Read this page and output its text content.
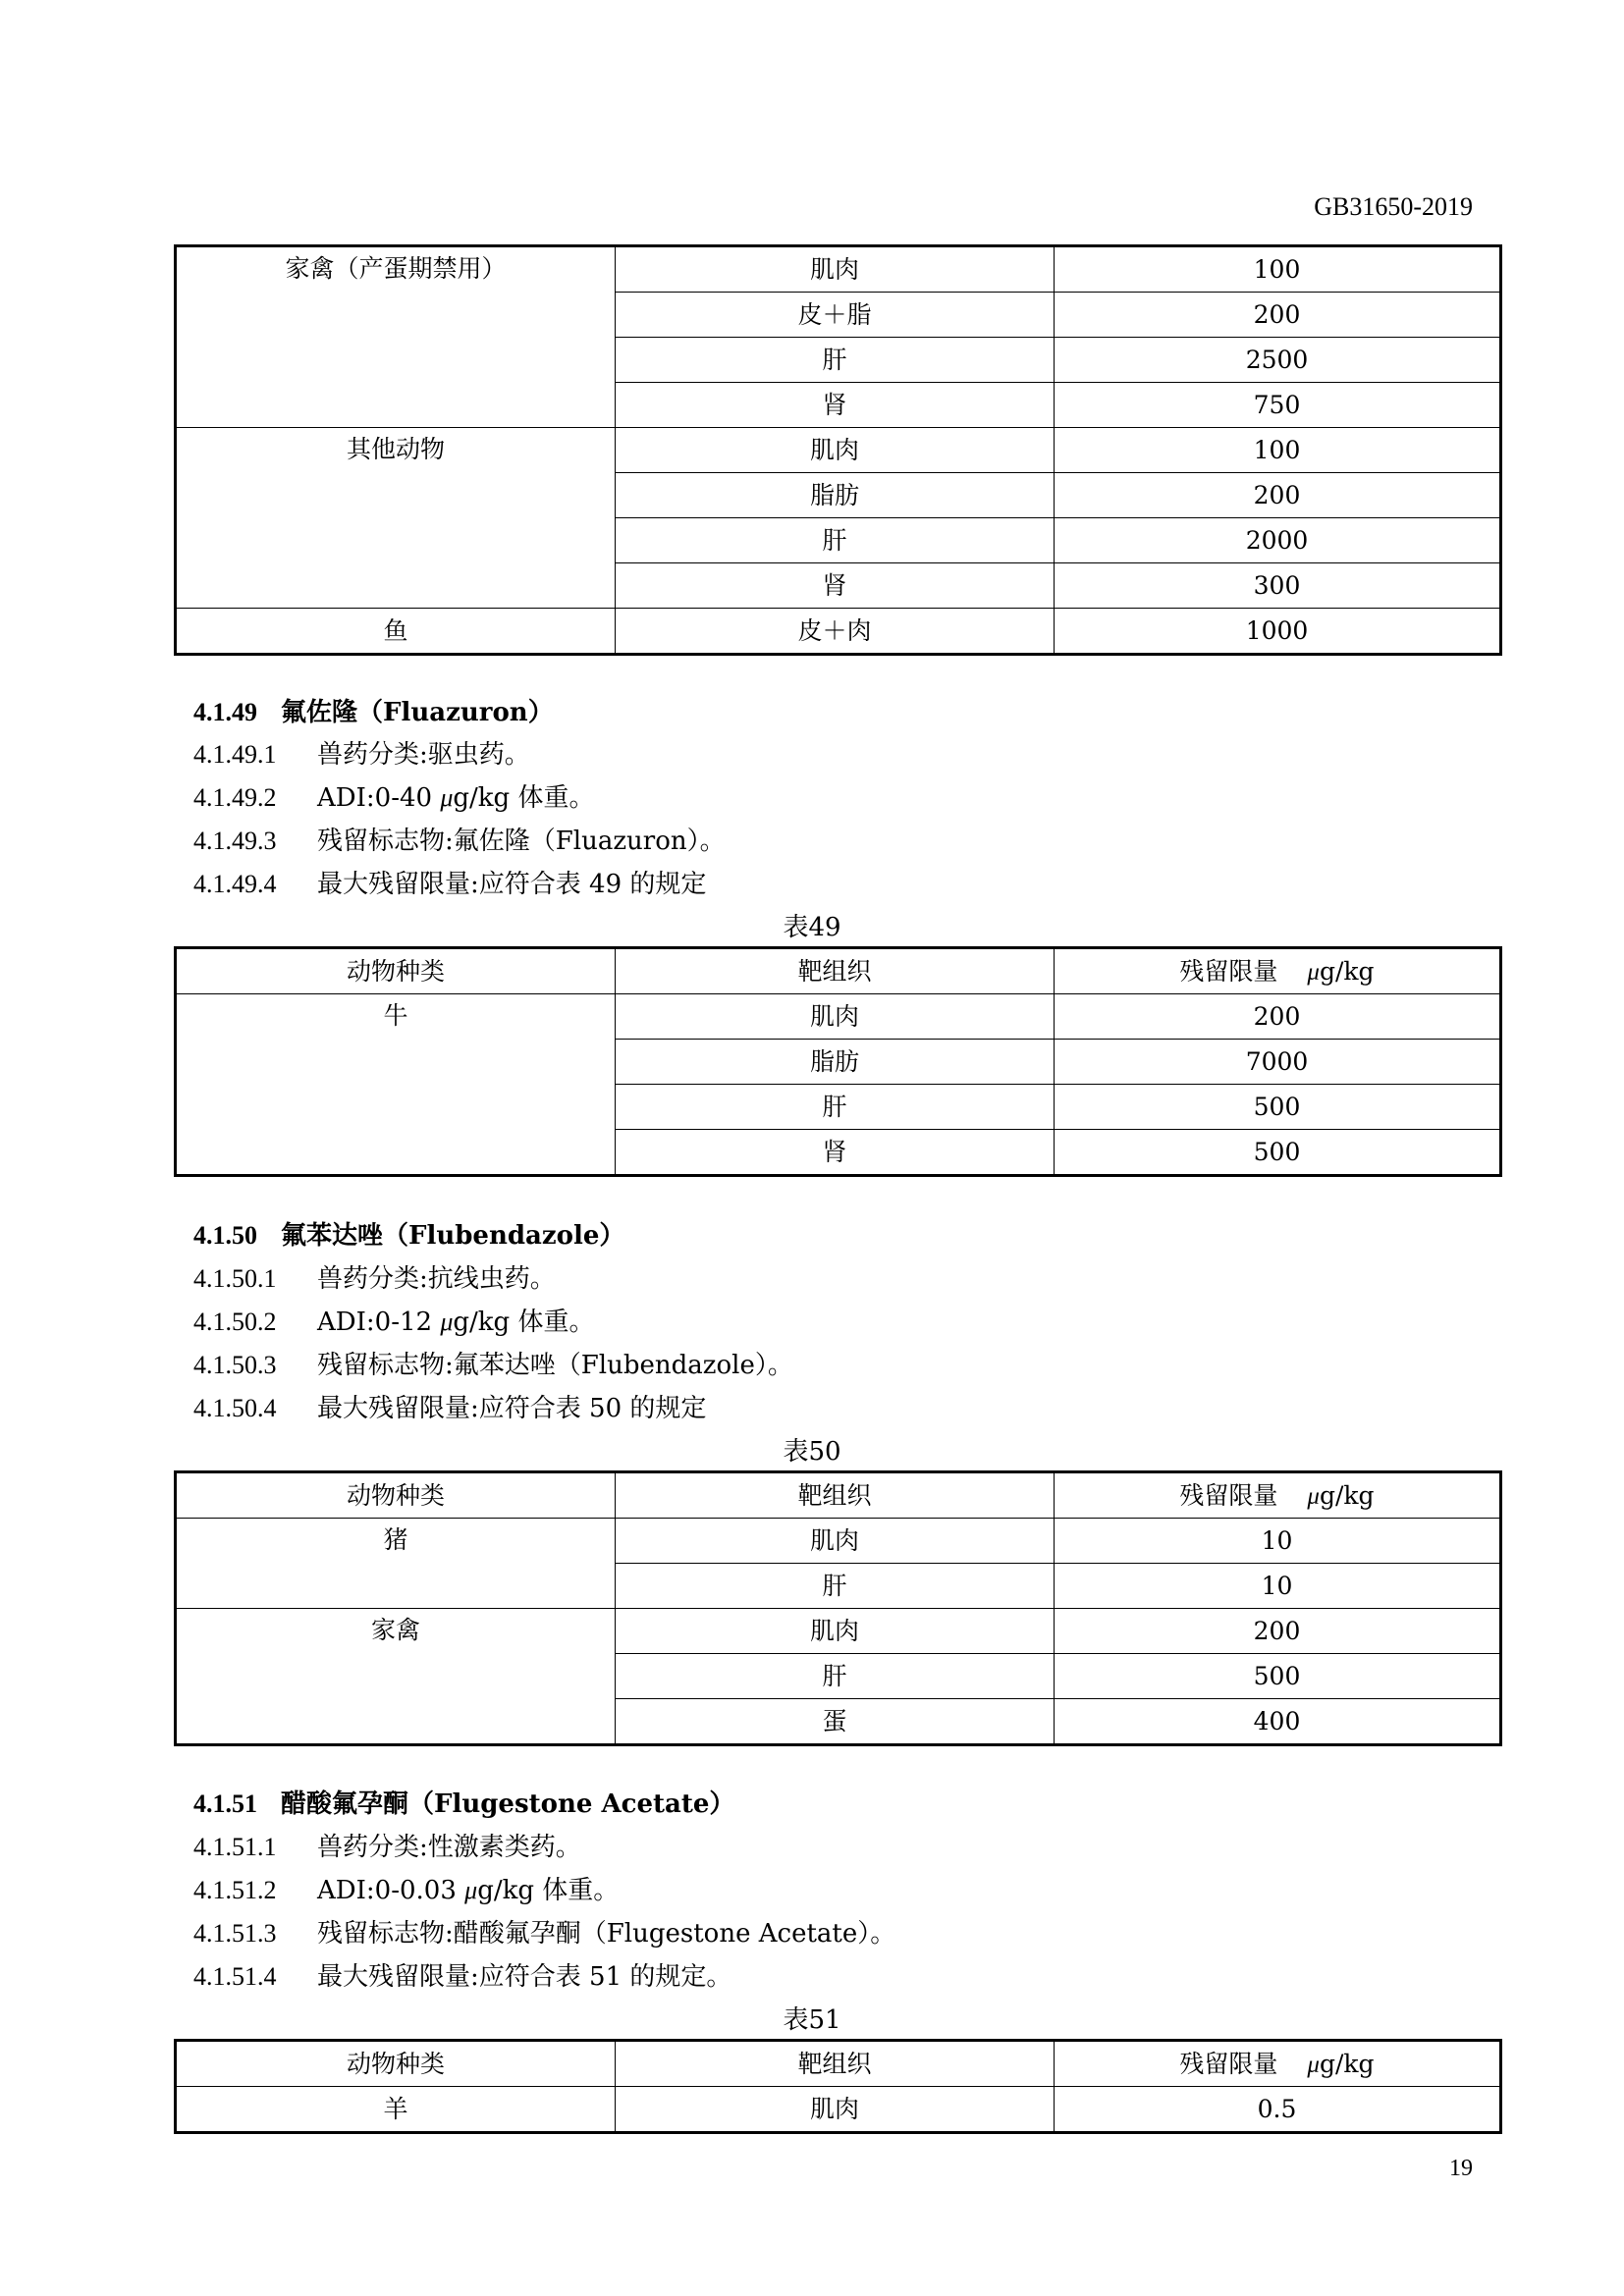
GB31650-2019
家禽（产蛋期禁用）	肌肉	100
	皮＋脂	200
	肝	2500
	肾	750
其他动物	肌肉	100
	脂肪	200
	肝	2000
	肾	300
鱼	皮＋肉	1000
4.1.49 氟佐隆（Fluazuron）
4.1.49.1 兽药分类:驱虫药。
4.1.49.2 ADI:0-40 μg/kg 体重。
4.1.49.3 残留标志物:氟佐隆（Fluazuron）。
4.1.49.4 最大残留限量:应符合表 49 的规定
表49
动物种类	靶组织	残留限量 μg/kg
牛	肌肉	200
	脂肪	7000
	肝	500
	肾	500
4.1.50 氟苯达唑（Flubendazole）
4.1.50.1 兽药分类:抗线虫药。
4.1.50.2 ADI:0-12 μg/kg 体重。
4.1.50.3 残留标志物:氟苯达唑（Flubendazole）。
4.1.50.4 最大残留限量:应符合表 50 的规定
表50
动物种类	靶组织	残留限量 μg/kg
猪	肌肉	10
	肝	10
家禽	肌肉	200
	肝	500
	蛋	400
4.1.51 醋酸氟孕酮（Flugestone Acetate）
4.1.51.1 兽药分类:性激素类药。
4.1.51.2 ADI:0-0.03 μg/kg 体重。
4.1.51.3 残留标志物:醋酸氟孕酮（Flugestone Acetate）。
4.1.51.4 最大残留限量:应符合表 51 的规定。
表51
动物种类	靶组织	残留限量 μg/kg
羊	肌肉	0.5
19
